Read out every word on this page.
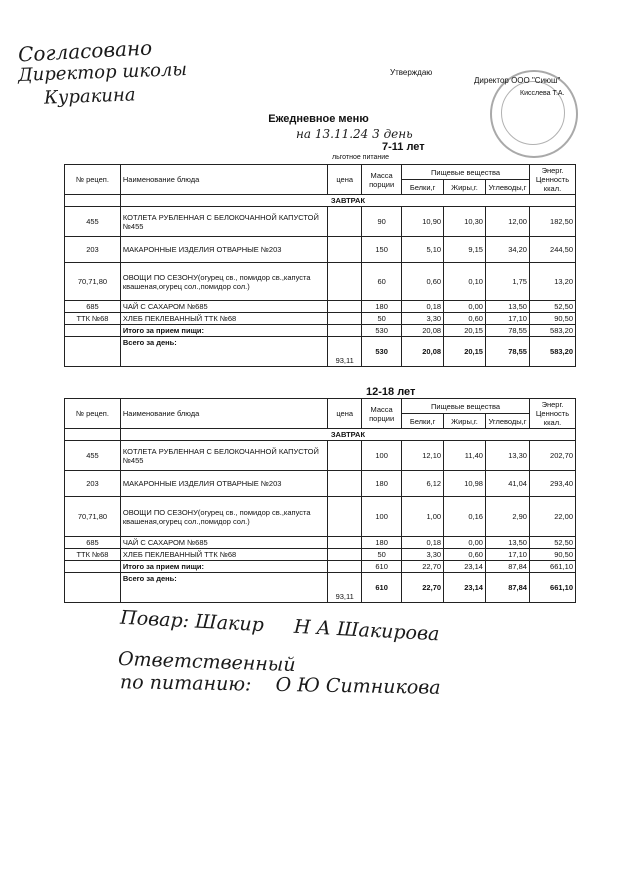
Согласовано
Директор школы
Куракина
Утверждаю
Директор ООО "Сиюш"
Кисслева Т.А.
Ежедневное меню
на 13.11.24 3 день
7-11 лет
льготное питание
№ рецеп.	Наименование блюда	цена	Масса порции	Пищевые вещества			Энерг. Ценность ккал.
				Белки,г	Жиры,г.	Углеводы,г	
	ЗАВТРАК						
455	КОТЛЕТА РУБЛЕННАЯ С БЕЛОКОЧАННОЙ КАПУСТОЙ №455		90	10,90	10,30	12,00	182,50
203	МАКАРОННЫЕ ИЗДЕЛИЯ ОТВАРНЫЕ №203		150	5,10	9,15	34,20	244,50
70,71,80	ОВОЩИ ПО СЕЗОНУ(огурец св., помидор св.,капуста квашеная,огурец сол.,помидор сол.)		60	0,60	0,10	1,75	13,20
685	ЧАЙ С САХАРОМ №685		180	0,18	0,00	13,50	52,50
ТТК №68	ХЛЕБ ПЕКЛЕВАННЫЙ ТТК №68		50	3,30	0,60	17,10	90,50
	Итого за прием пищи:		530	20,08	20,15	78,55	583,20
	Всего за день:	93,11	530	20,08	20,15	78,55	583,20
12-18 лет
№ рецеп.	Наименование блюда	цена	Масса порции	Пищевые вещества			Энерг. Ценность ккал.
				Белки,г	Жиры,г.	Углеводы,г	
	ЗАВТРАК						
455	КОТЛЕТА РУБЛЕННАЯ С БЕЛОКОЧАННОЙ КАПУСТОЙ №455		100	12,10	11,40	13,30	202,70
203	МАКАРОННЫЕ ИЗДЕЛИЯ ОТВАРНЫЕ №203		180	6,12	10,98	41,04	293,40
70,71,80	ОВОЩИ ПО СЕЗОНУ(огурец св., помидор св.,капуста квашеная,огурец сол.,помидор сол.)		100	1,00	0,16	2,90	22,00
685	ЧАЙ С САХАРОМ №685		180	0,18	0,00	13,50	52,50
ТТК №68	ХЛЕБ ПЕКЛЕВАННЫЙ ТТК №68		50	3,30	0,60	17,10	90,50
	Итого за прием пищи:		610	22,70	23,14	87,84	661,10
	Всего за день:	93,11	610	22,70	23,14	87,84	661,10
Повар: Шакир Н А Шакирова
Ответственный
по питанию: О Ю Ситникова
